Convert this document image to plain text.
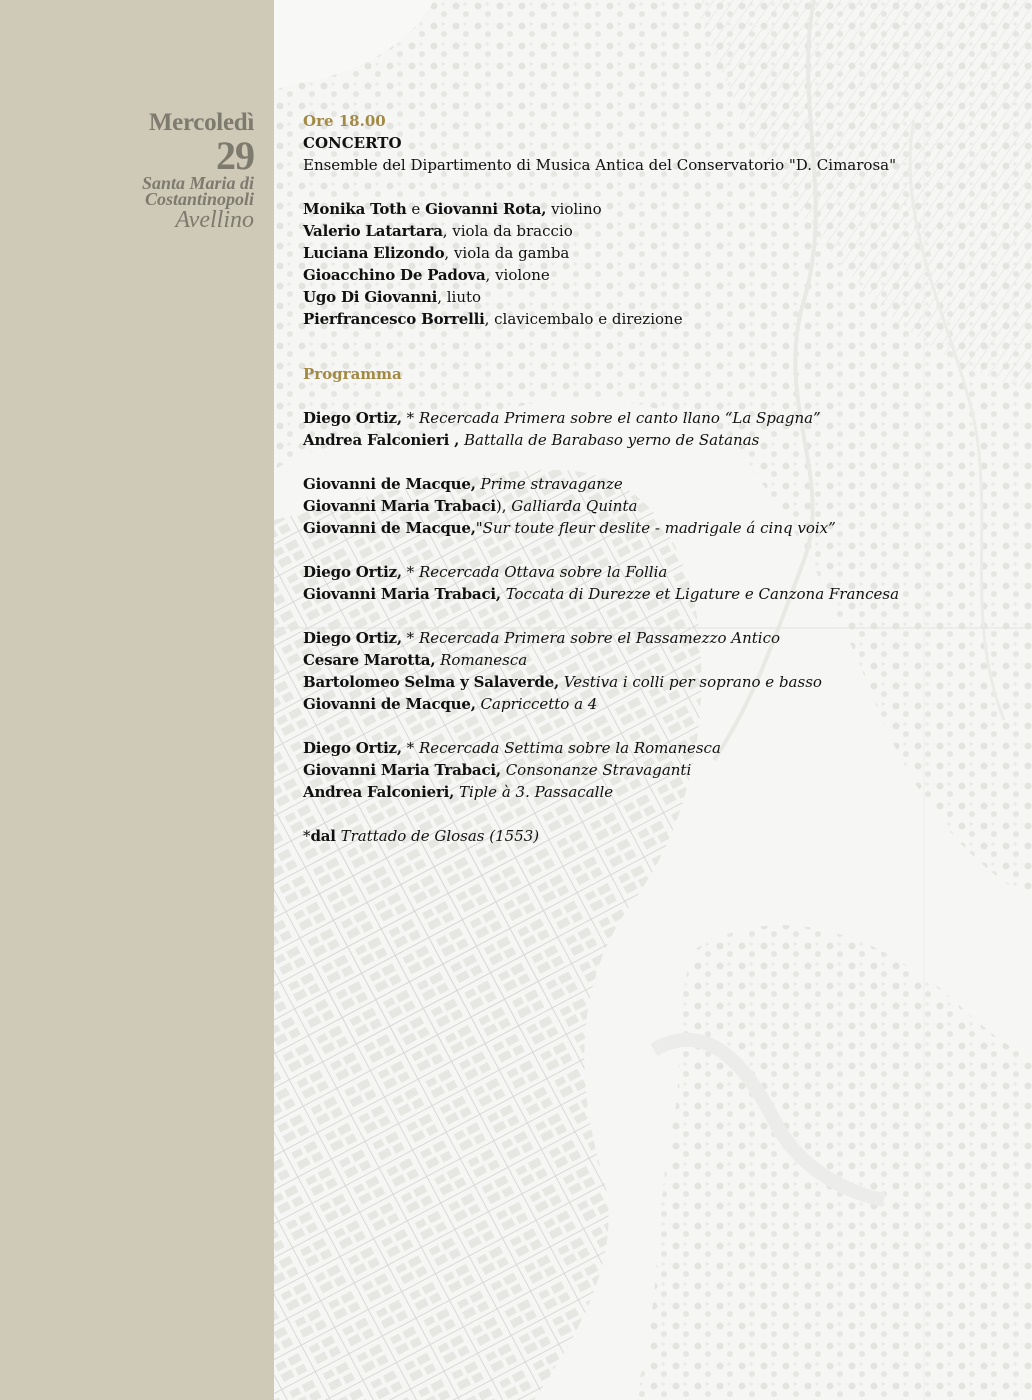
Mercoledì
29
Santa Maria di
Costantinopoli
Avellino
Ore 18.00
CONCERTO
Ensemble del Dipartimento di Musica Antica del Conservatorio "D. Cimarosa"
Monika Toth e Giovanni Rota, violino
Valerio Latartara, viola da braccio
Luciana Elizondo, viola da gamba
Gioacchino De Padova, violone
Ugo Di Giovanni, liuto
Pierfrancesco Borrelli, clavicembalo e direzione
Programma
Diego Ortiz, * Recercada Primera sobre el canto llano “La Spagna”
Andrea Falconieri , Battalla de Barabaso yerno de Satanas
Giovanni de Macque, Prime stravaganze
Giovanni Maria Trabaci), Galliarda Quinta
Giovanni de Macque,"Sur toute fleur deslite - madrigale á cinq voix”
Diego Ortiz, * Recercada Ottava sobre la Follia
Giovanni Maria Trabaci, Toccata di Durezze et Ligature e Canzona Francesa
Diego Ortiz, * Recercada Primera sobre el Passamezzo Antico
Cesare Marotta, Romanesca
Bartolomeo Selma y Salaverde, Vestiva i colli per soprano e basso
Giovanni de Macque, Capriccetto a 4
Diego Ortiz, * Recercada Settima sobre la Romanesca
Giovanni Maria Trabaci, Consonanze Stravaganti
Andrea Falconieri, Tiple à 3. Passacalle
*dal Trattado de Glosas (1553)
